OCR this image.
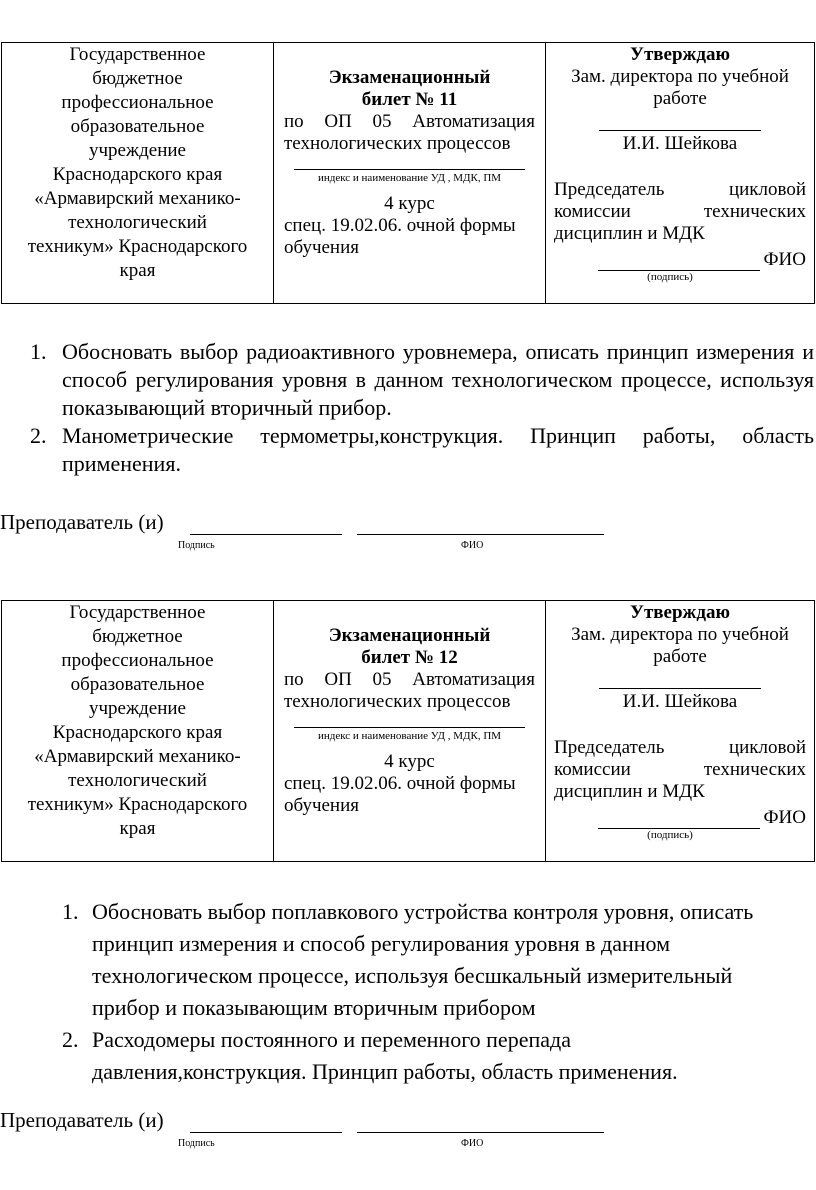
Государственное
бюджетное
профессиональное
образовательное
учреждение
Краснодарского края
«Армавирский механико-
технологический
техникум» Краснодарского
края
Экзаменационный
билет № 11
по ОП 05 Автоматизация
технологических процессов
индекс и наименование УД , МДК, ПМ
4 курс
спец. 19.02.06. очной формы
обучения
Утверждаю
Зам. директора по учебной
работе
И.И. Шейкова
Председатель цикловой
комиссии технических
дисциплин и МДК
ФИО
(подпись)
1. Обосновать выбор радиоактивного уровнемера, описать принцип измерения и способ регулирования уровня в данном технологическом процессе, используя показывающий вторичный прибор.
2. Манометрические термометры,конструкция. Принцип работы, область применения.
Преподаватель (и)
Подпись	ФИО
Государственное
бюджетное
профессиональное
образовательное
учреждение
Краснодарского края
«Армавирский механико-
технологический
техникум» Краснодарского
края
Экзаменационный
билет № 12
по ОП 05 Автоматизация
технологических процессов
индекс и наименование УД , МДК, ПМ
4 курс
спец. 19.02.06. очной формы
обучения
Утверждаю
Зам. директора по учебной
работе
И.И. Шейкова
Председатель цикловой
комиссии технических
дисциплин и МДК
ФИО
(подпись)
1. Обосновать выбор поплавкового устройства контроля уровня, описать принцип измерения и способ регулирования уровня в данном технологическом процессе, используя бесшкальный измерительный прибор и показывающим вторичным прибором
2. Расходомеры постоянного и переменного перепада давления,конструкция. Принцип работы, область применения.
Преподаватель (и)
Подпись	ФИО
